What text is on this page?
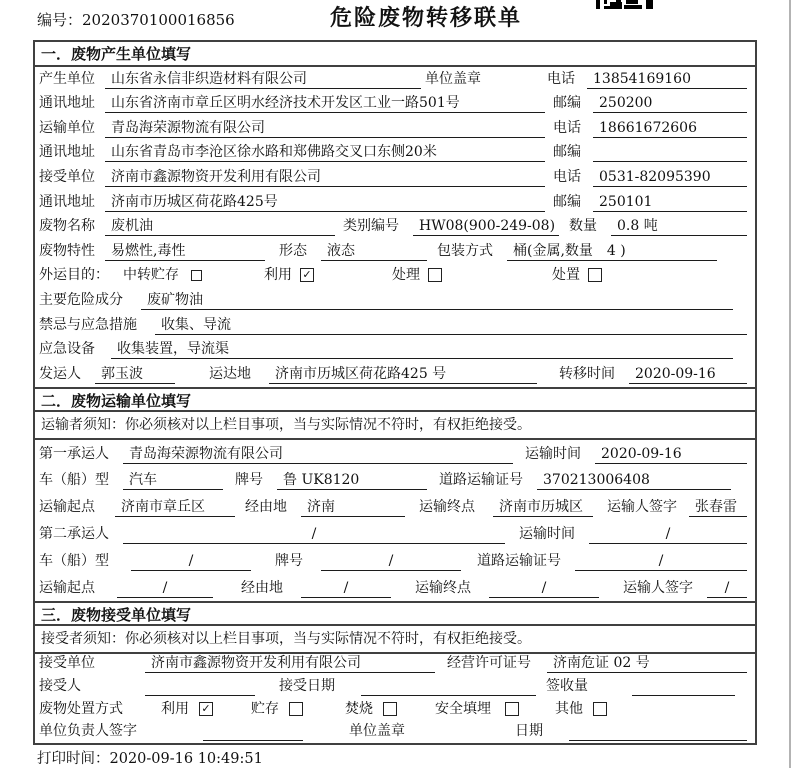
编号：2020370100016856	危险废物转移联单
一．废物产生单位填写
产生单位	山东省永信非织造材料有限公司	单位盖章	电话	13854169160
通讯地址	山东省济南市章丘区明水经济技术开发区工业一路501号	邮编	250200
运输单位	青岛海荣源物流有限公司	电话	18661672606
通讯地址	山东省青岛市李沧区徐水路和郑佛路交叉口东侧20米	邮编
接受单位	济南市鑫源物资开发利用有限公司	电话	0531-82095390
通讯地址	济南市历城区荷花路425号	邮编	250101
废物名称	废机油	类别编号	HW08(900-249-08) 数量	0.8 吨
废物特性	易燃性,毒性	形态	液态	包装方式	桶(金属,数量　4 )
外运目的：	中转贮存	利用 ✓	处理	处置
主要危险成分	废矿物油
禁忌与应急措施	收集、导流
应急设备	收集装置，导流渠
发运人	郭玉波	运达地	济南市历城区荷花路425 号	转移时间	2020-09-16
二．废物运输单位填写
运输者须知：你必须核对以上栏目事项，当与实际情况不符时，有权拒绝接受。
第一承运人	青岛海荣源物流有限公司	运输时间	2020-09-16
车（船）型	汽车	牌号	鲁 UK8120	道路运输证号	370213006408
运输起点	济南市章丘区	经由地	济南	运输终点	济南市历城区	运输人签字	张春雷
第二承运人	/	运输时间	/
车（船）型	/	牌号	/	道路运输证号	/
运输起点	/	经由地	/	运输终点	/	运输人签字	/
三．废物接受单位填写
接受者须知：你必须核对以上栏目事项，当与实际情况不符时，有权拒绝接受。
接受单位	济南市鑫源物资开发利用有限公司	经营许可证号	济南危证 02 号
接受人	接受日期	签收量
废物处置方式	利用 ✓	贮存	焚烧	安全填埋	其他
单位负责人签字	单位盖章	日期
打印时间：2020-09-16 10:49:51
